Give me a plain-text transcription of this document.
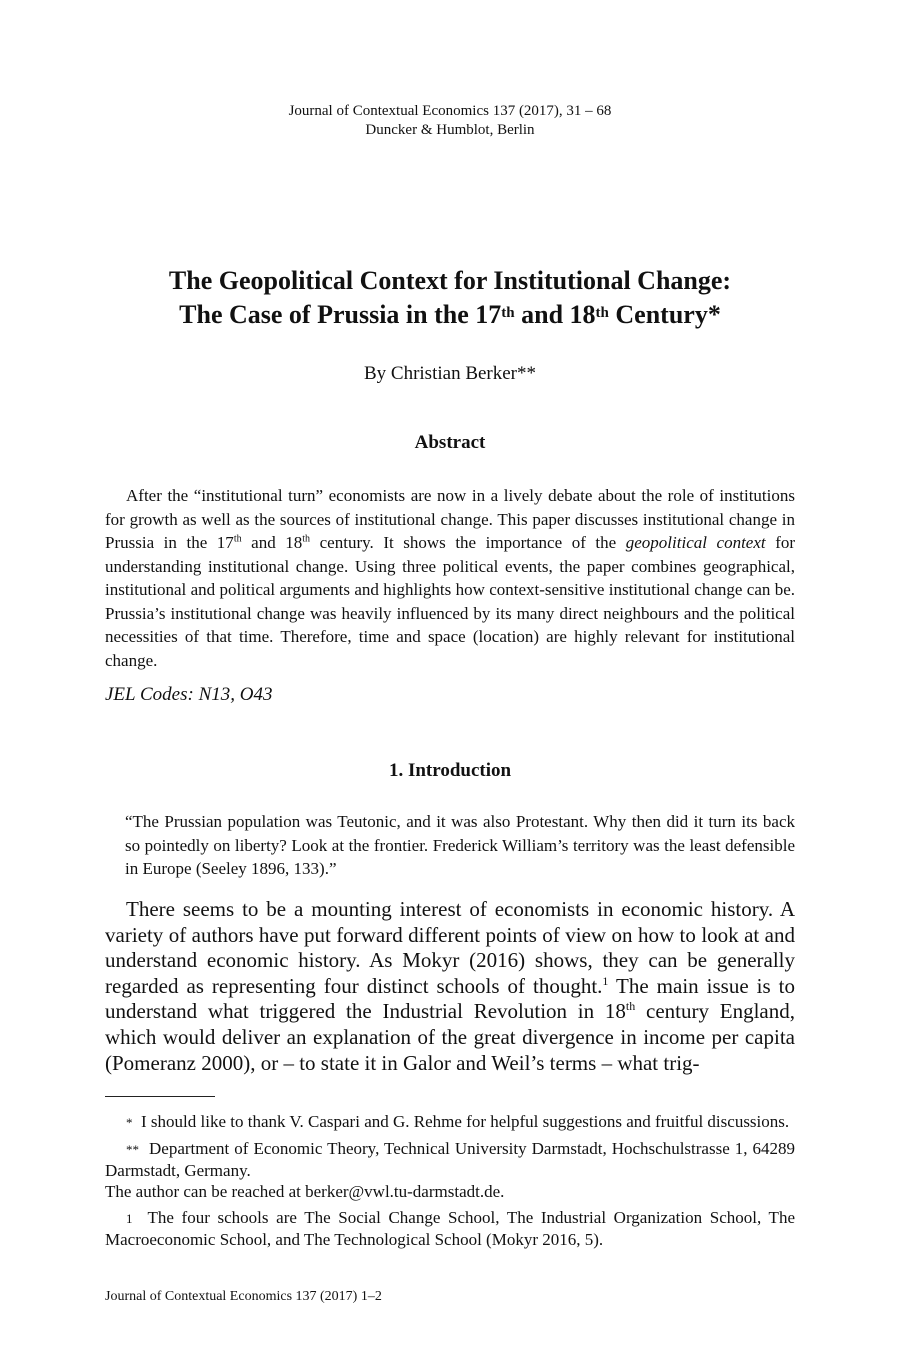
Journal of Contextual Economics 137 (2017), 31 – 68
Duncker & Humblot, Berlin
The Geopolitical Context for Institutional Change:
The Case of Prussia in the 17th and 18th Century*
By Christian Berker**
Abstract
After the “institutional turn” economists are now in a lively debate about the role of institutions for growth as well as the sources of institutional change. This paper discusses institutional change in Prussia in the 17th and 18th century. It shows the importance of the geopolitical context for understanding institutional change. Using three political events, the paper combines geographical, institutional and political arguments and highlights how context-sensitive institutional change can be. Prussia’s institutional change was heavily influenced by its many direct neighbours and the political necessities of that time. Therefore, time and space (location) are highly relevant for institutional change.
JEL Codes: N13, O43
1. Introduction
“The Prussian population was Teutonic, and it was also Protestant. Why then did it turn its back so pointedly on liberty? Look at the frontier. Frederick William’s territory was the least defensible in Europe (Seeley 1896, 133).”
There seems to be a mounting interest of economists in economic history. A variety of authors have put forward different points of view on how to look at and understand economic history. As Mokyr (2016) shows, they can be generally regarded as representing four distinct schools of thought.$^1$ The main issue is to understand what triggered the Industrial Revolution in 18th century England, which would deliver an explanation of the great divergence in income per capita (Pomeranz 2000), or – to state it in Galor and Weil’s terms – what trig-
* I should like to thank V. Caspari and G. Rehme for helpful suggestions and fruitful discussions.
** Department of Economic Theory, Technical University Darmstadt, Hochschulstrasse 1, 64289 Darmstadt, Germany.
The author can be reached at berker@vwl.tu-darmstadt.de.
1 The four schools are The Social Change School, The Industrial Organization School, The Macroeconomic School, and The Technological School (Mokyr 2016, 5).
Journal of Contextual Economics 137 (2017) 1–2
